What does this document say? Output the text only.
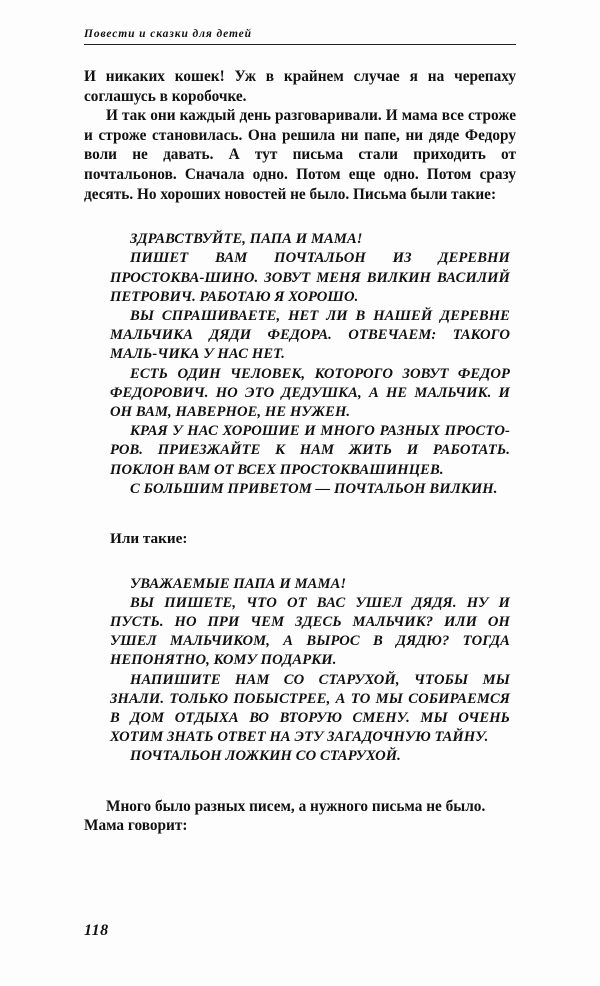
Повести и сказки для детей

И никаких кошек! Уж в крайнем случае я на черепаху соглашусь в коробочке.

И так они каждый день разговаривали. И мама все строже и строже становилась. Она решила ни папе, ни дяде Федору воли не давать. А тут письма стали приходить от почтальонов. Сначала одно. Потом еще одно. Потом сразу десять. Но хороших новостей не было. Письма были такие:

ЗДРАВСТВУЙТЕ, ПАПА И МАМА!

ПИШЕТ ВАМ ПОЧТАЛЬОН ИЗ ДЕРЕВНИ ПРОСТОКВА-ШИНО. ЗОВУТ МЕНЯ ВИЛКИН ВАСИЛИЙ ПЕТРОВИЧ. РАБОТАЮ Я ХОРОШО.

ВЫ СПРАШИВАЕТЕ, НЕТ ЛИ В НАШЕЙ ДЕРЕВНЕ МАЛЬЧИКА ДЯДИ ФЕДОРА. ОТВЕЧАЕМ: ТАКОГО МАЛЬ-ЧИКА У НАС НЕТ.

ЕСТЬ ОДИН ЧЕЛОВЕК, КОТОРОГО ЗОВУТ ФЕДОР ФЕДОРОВИЧ. НО ЭТО ДЕДУШКА, А НЕ МАЛЬЧИК. И ОН ВАМ, НАВЕРНОЕ, НЕ НУЖЕН.

КРАЯ У НАС ХОРОШИЕ И МНОГО РАЗНЫХ ПРОСТО-РОВ. ПРИЕЗЖАЙТЕ К НАМ ЖИТЬ И РАБОТАТЬ. ПОКЛОН ВАМ ОТ ВСЕХ ПРОСТОКВАШИНЦЕВ.

С БОЛЬШИМ ПРИВЕТОМ — ПОЧТАЛЬОН ВИЛКИН.

Или такие:

УВАЖАЕМЫЕ ПАПА И МАМА!

ВЫ ПИШЕТЕ, ЧТО ОТ ВАС УШЕЛ ДЯДЯ. НУ И ПУСТЬ. НО ПРИ ЧЕМ ЗДЕСЬ МАЛЬЧИК? ИЛИ ОН УШЕЛ МАЛЬЧИКОМ, А ВЫРОС В ДЯДЮ? ТОГДА НЕПОНЯТНО, КОМУ ПОДАРКИ.

НАПИШИТЕ НАМ СО СТАРУХОЙ, ЧТОБЫ МЫ ЗНАЛИ. ТОЛЬКО ПОБЫСТРЕЕ, А ТО МЫ СОБИРАЕМСЯ В ДОМ ОТДЫХА ВО ВТОРУЮ СМЕНУ. МЫ ОЧЕНЬ ХОТИМ ЗНАТЬ ОТВЕТ НА ЭТУ ЗАГАДОЧНУЮ ТАЙНУ.

ПОЧТАЛЬОН ЛОЖКИН СО СТАРУХОЙ.

Много было разных писем, а нужного письма не было.

Мама говорит:

118
